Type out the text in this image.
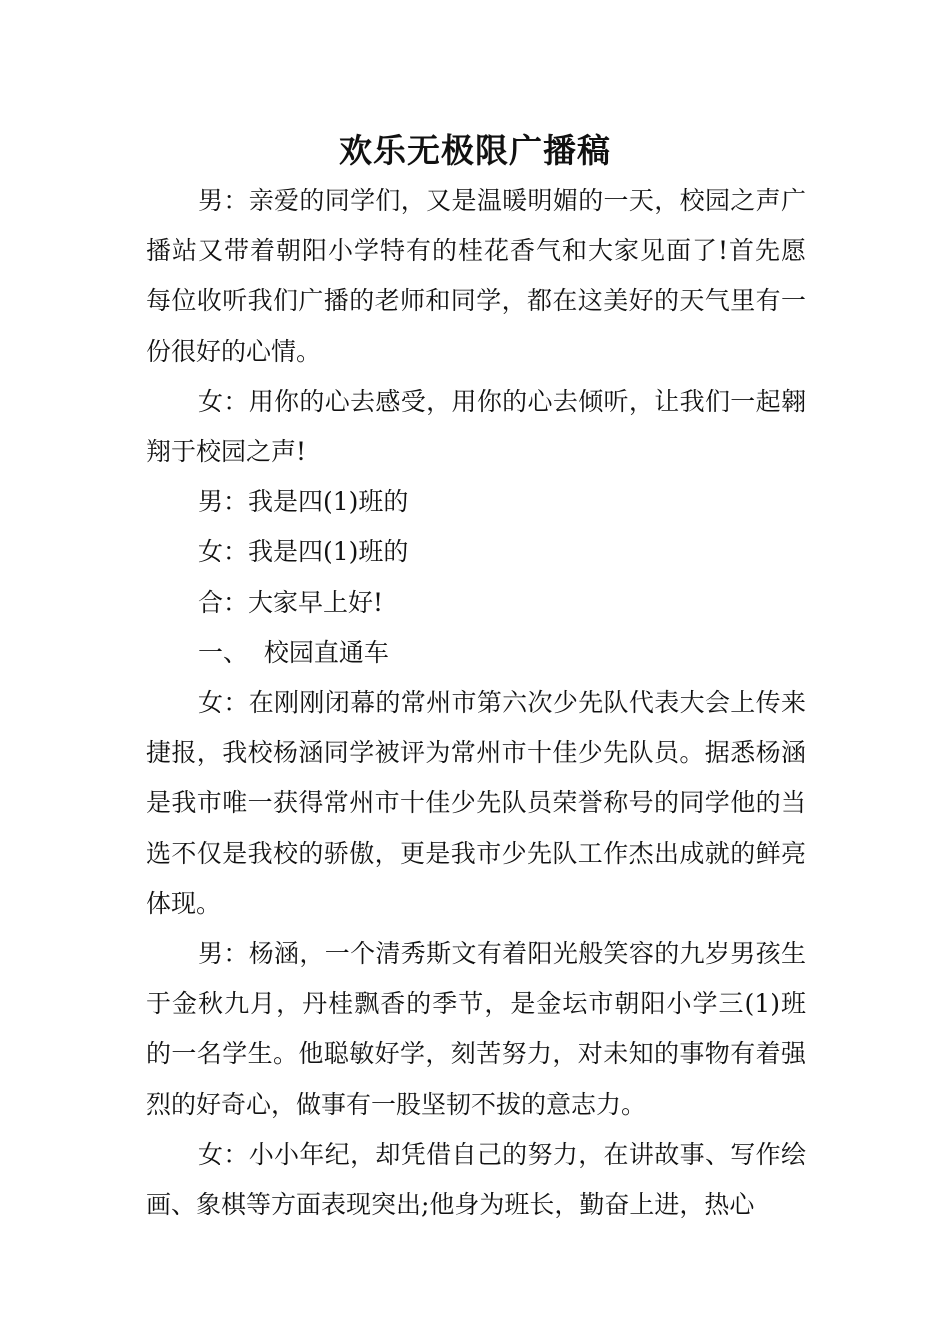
欢乐无极限广播稿

男：亲爱的同学们，又是温暖明媚的一天，校园之声广播站又带着朝阳小学特有的桂花香气和大家见面了!首先愿每位收听我们广播的老师和同学，都在这美好的天气里有一份很好的心情。

女：用你的心去感受，用你的心去倾听，让我们一起翱翔于校园之声!

男：我是四(1)班的

女：我是四(1)班的

合：大家早上好!

一、  校园直通车

女：在刚刚闭幕的常州市第六次少先队代表大会上传来捷报，我校杨涵同学被评为常州市十佳少先队员。据悉杨涵是我市唯一获得常州市十佳少先队员荣誉称号的同学他的当选不仅是我校的骄傲，更是我市少先队工作杰出成就的鲜亮体现。

男：杨涵，一个清秀斯文有着阳光般笑容的九岁男孩生于金秋九月，丹桂飘香的季节，是金坛市朝阳小学三(1)班的一名学生。他聪敏好学，刻苦努力，对未知的事物有着强烈的好奇心，做事有一股坚韧不拔的意志力。

女：小小年纪，却凭借自己的努力，在讲故事、写作绘画、象棋等方面表现突出;他身为班长，勤奋上进，热心
